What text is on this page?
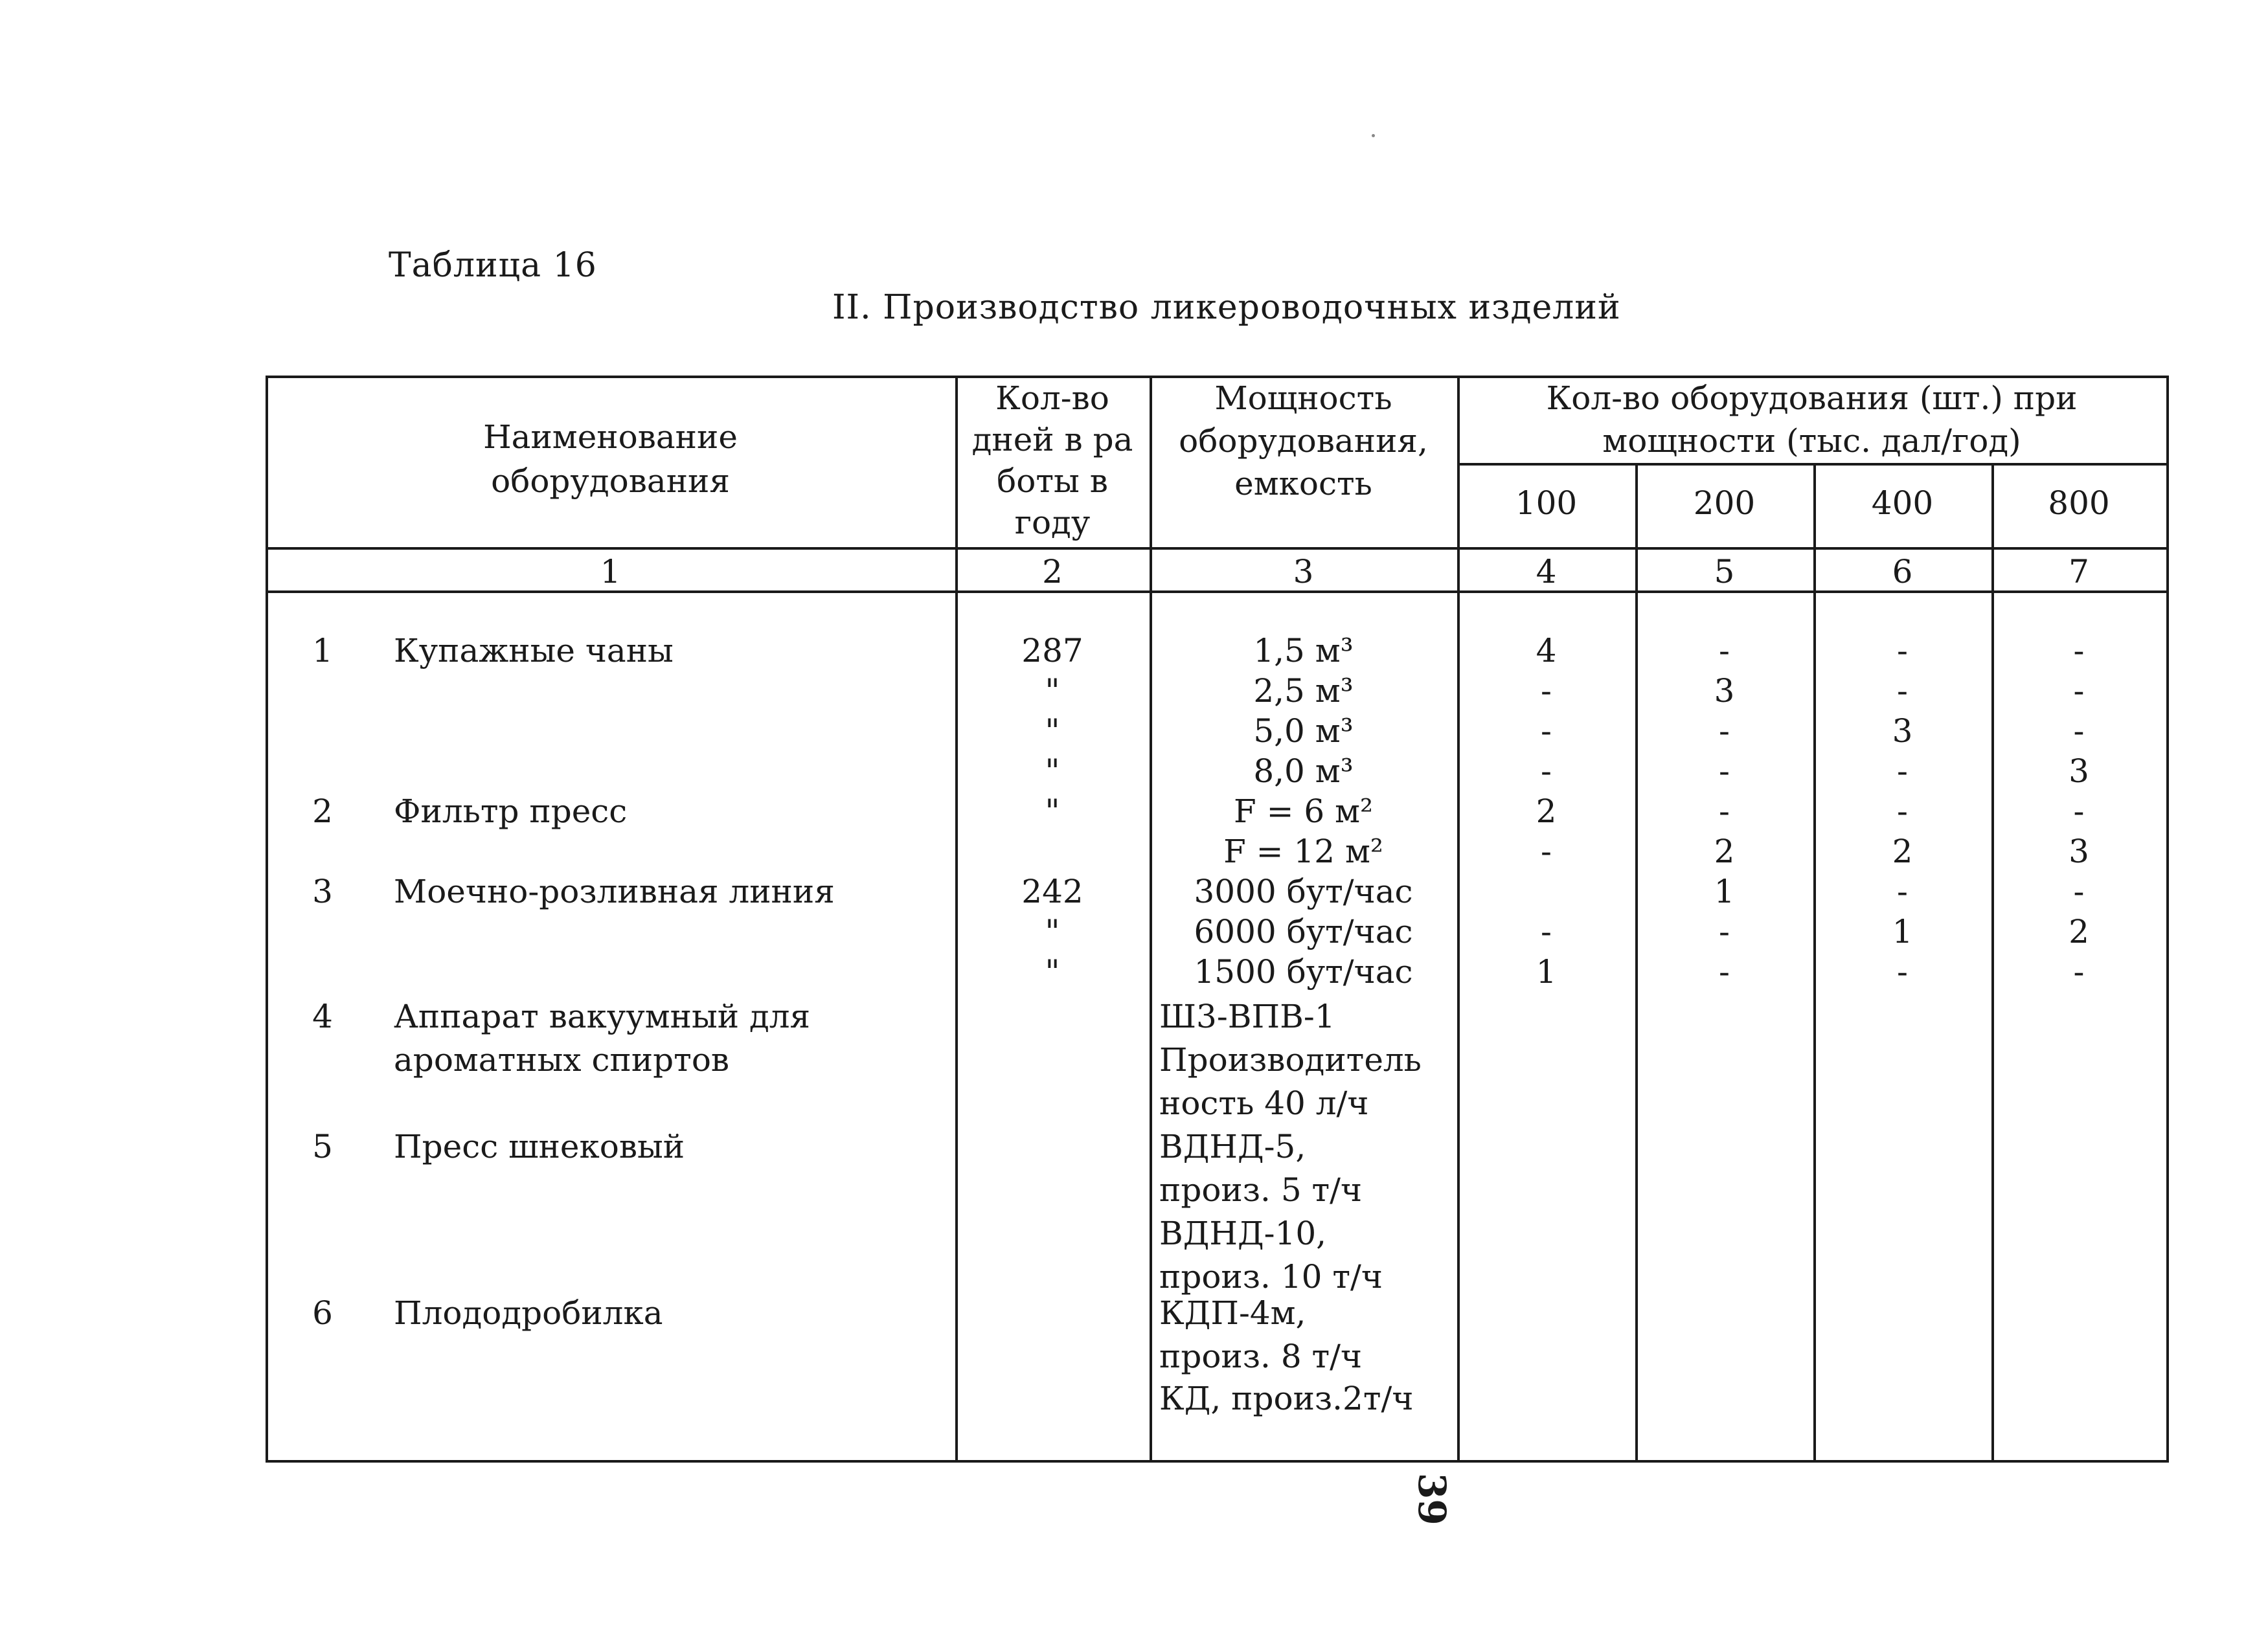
Таблица 16
II. Производство ликероводочных изделий
39
Наименование
оборудования
Кол-во
дней в ра
боты в
году
Мощность
оборудования,
емкость
Кол-во оборудования (шт.) при
мощности (тыс. дал/год)
100	200	400	800
1	2	3	4	5	6	7
1 Купажные чаны	287	1,5 м³	4	-	-	-
"	2,5 м³	-	3	-	-
"	5,0 м³	-	-	3	-
"	8,0 м³	-	-	-	3
2 Фильтр пресс	"	F = 6 м²	2	-	-	-
F = 12 м²	-	2	2	3
3 Моечно-розливная линия	242	3000 бут/час	1	-	-
"	6000 бут/час	-	-	1	2
"	1500 бут/час	1	-	-	-
4 Аппарат вакуумный для	Ш3-ВПВ-1
ароматных спиртов	Производитель
ность 40 л/ч
5 Пресс шнековый	ВДНД-5,
произ. 5 т/ч
ВДНД-10,
произ. 10 т/ч
6 Плододробилка	КДП-4м,
произ. 8 т/ч
КД, произ.2т/ч
